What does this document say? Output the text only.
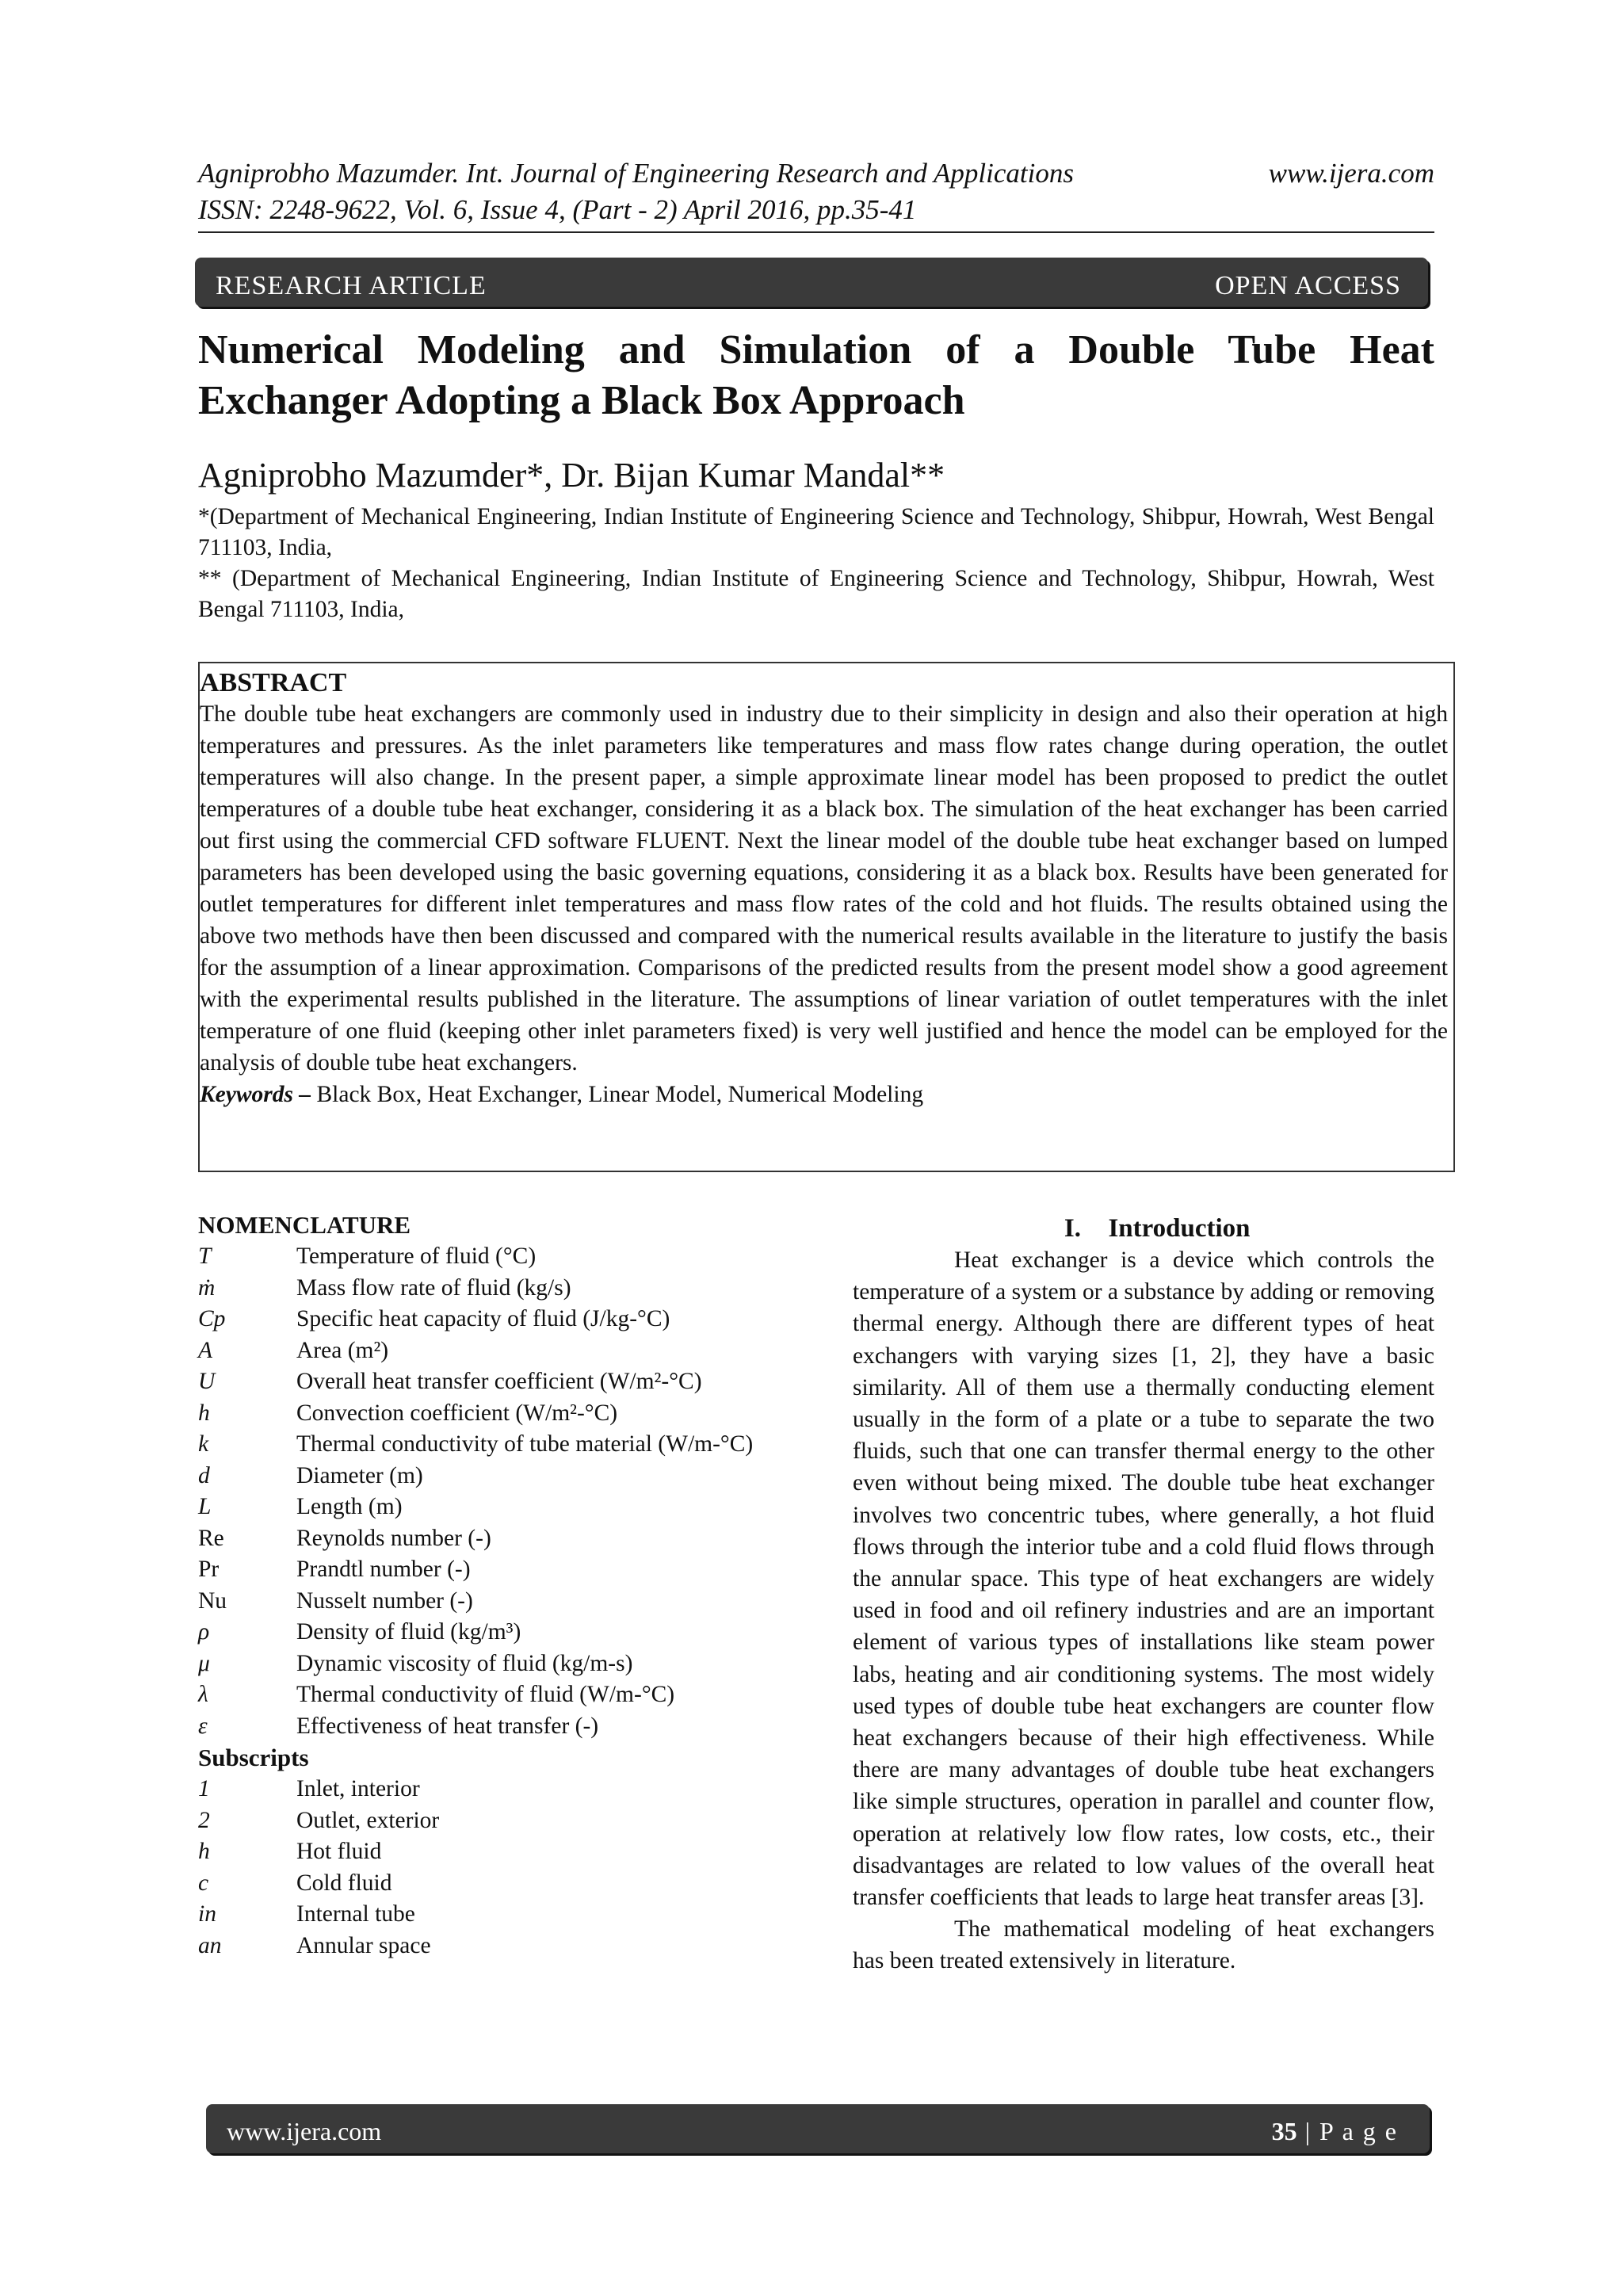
Agniprobho Mazumder. Int. Journal of Engineering Research and Applications	www.ijera.com
ISSN: 2248-9622, Vol. 6, Issue 4, (Part - 2) April 2016, pp.35-41
RESEARCH ARTICLE	OPEN ACCESS
Numerical Modeling and Simulation of a Double Tube Heat Exchanger Adopting a Black Box Approach
Agniprobho Mazumder*, Dr. Bijan Kumar Mandal**
*(Department of Mechanical Engineering, Indian Institute of Engineering Science and Technology, Shibpur, Howrah, West Bengal 711103, India,
** (Department of Mechanical Engineering, Indian Institute of Engineering Science and Technology, Shibpur, Howrah, West Bengal 711103, India,
ABSTRACT
The double tube heat exchangers are commonly used in industry due to their simplicity in design and also their operation at high temperatures and pressures. As the inlet parameters like temperatures and mass flow rates change during operation, the outlet temperatures will also change. In the present paper, a simple approximate linear model has been proposed to predict the outlet temperatures of a double tube heat exchanger, considering it as a black box. The simulation of the heat exchanger has been carried out first using the commercial CFD software FLUENT. Next the linear model of the double tube heat exchanger based on lumped parameters has been developed using the basic governing equations, considering it as a black box. Results have been generated for outlet temperatures for different inlet temperatures and mass flow rates of the cold and hot fluids. The results obtained using the above two methods have then been discussed and compared with the numerical results available in the literature to justify the basis for the assumption of a linear approximation. Comparisons of the predicted results from the present model show a good agreement with the experimental results published in the literature. The assumptions of linear variation of outlet temperatures with the inlet temperature of one fluid (keeping other inlet parameters fixed) is very well justified and hence the model can be employed for the analysis of double tube heat exchangers.
Keywords – Black Box, Heat Exchanger, Linear Model, Numerical Modeling
NOMENCLATURE
T	Temperature of fluid (°C)
ṁ	Mass flow rate of fluid (kg/s)
Cp	Specific heat capacity of fluid (J/kg-°C)
A	Area (m²)
U	Overall heat transfer coefficient (W/m²-°C)
h	Convection coefficient (W/m²-°C)
k	Thermal conductivity of tube material (W/m-°C)
d	Diameter (m)
L	Length (m)
Re	Reynolds number (-)
Pr	Prandtl number (-)
Nu	Nusselt number (-)
ρ	Density of fluid (kg/m³)
μ	Dynamic viscosity of fluid (kg/m-s)
λ	Thermal conductivity of fluid (W/m-°C)
ε	Effectiveness of heat transfer (-)
Subscripts
1	Inlet, interior
2	Outlet, exterior
h	Hot fluid
c	Cold fluid
in	Internal tube
an	Annular space
I. Introduction

Heat exchanger is a device which controls the temperature of a system or a substance by adding or removing thermal energy. Although there are different types of heat exchangers with varying sizes [1, 2], they have a basic similarity. All of them use a thermally conducting element usually in the form of a plate or a tube to separate the two fluids, such that one can transfer thermal energy to the other even without being mixed. The double tube heat exchanger involves two concentric tubes, where generally, a hot fluid flows through the interior tube and a cold fluid flows through the annular space. This type of heat exchangers are widely used in food and oil refinery industries and are an important element of various types of installations like steam power labs, heating and air conditioning systems. The most widely used types of double tube heat exchangers are counter flow heat exchangers because of their high effectiveness. While there are many advantages of double tube heat exchangers like simple structures, operation in parallel and counter flow, operation at relatively low flow rates, low costs, etc., their disadvantages are related to low values of the overall heat transfer coefficients that leads to large heat transfer areas [3].

The mathematical modeling of heat exchangers has been treated extensively in literature.

www.ijera.com	35 | P a g e
